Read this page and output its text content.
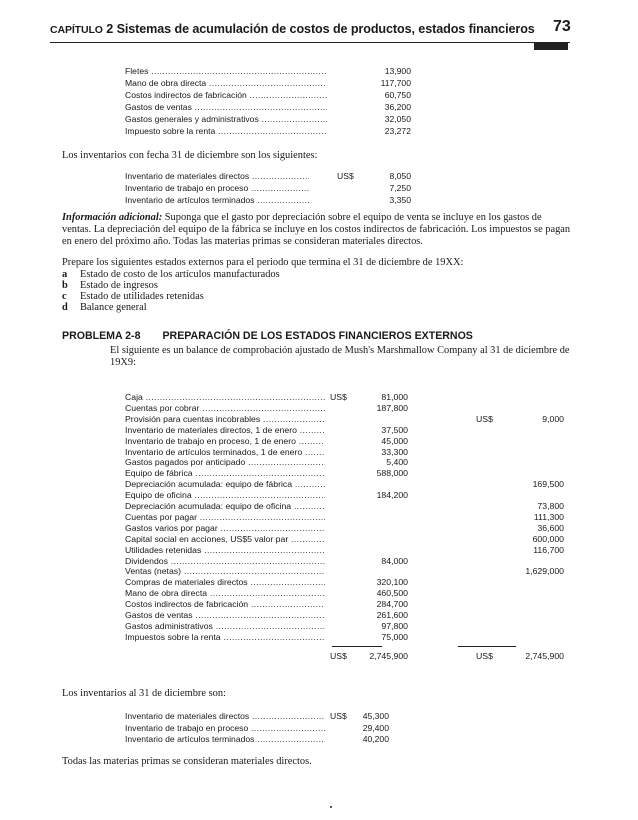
CAPÍTULO 2 Sistemas de acumulación de costos de productos, estados financieros 73
Fletes .....	13,900
Mano de obra directa .....	117,700
Costos indirectos de fabricación .....	60,750
Gastos de ventas .....	36,200
Gastos generales y administrativos .....	32,050
Impuesto sobre la renta .....	23,272
Los inventarios con fecha 31 de diciembre son los siguientes:
Inventario de materiales directos .....	US$	8,050
Inventario de trabajo en proceso .....	7,250
Inventario de artículos terminados .....	3,350
Información adicional: Suponga que el gasto por depreciación sobre el equipo de venta se incluye en los gastos de ventas. La depreciación del equipo de la fábrica se incluye en los costos indirectos de fabricación. Los impuestos se pagan en enero del próximo año. Todas las materias primas se consideran materiales directos.
Prepare los siguientes estados externos para el periodo que termina el 31 de diciembre de 19XX:
a Estado de costo de los artículos manufacturados
b Estado de ingresos
c Estado de utilidades retenidas
d Balance general
PROBLEMA 2-8 PREPARACIÓN DE LOS ESTADOS FINANCIEROS EXTERNOS
El siguiente es un balance de comprobación ajustado de Mush's Marshmallow Company al 31 de diciembre de 19X9:
Caja .....	US$	81,000
Cuentas por cobrar .....	187,800
Provisión para cuentas incobrables .....	US$	9,000
Inventario de materiales directos, 1 de enero .....	37,500
Inventario de trabajo en proceso, 1 de enero .....	45,000
Inventario de artículos terminados, 1 de enero .....	33,300
Gastos pagados por anticipado .....	5,400
Equipo de fábrica .....	588,000
Depreciación acumulada: equipo de fábrica .....	169,500
Equipo de oficina .....	184,200
Depreciación acumulada: equipo de oficina .....	73,800
Cuentas por pagar .....	111,300
Gastos varios por pagar .....	36,600
Capital social en acciones, US$5 valor par .....	600,000
Utilidades retenidas .....	116,700
Dividendos .....	84,000
Ventas (netas) .....	1,629,000
Compras de materiales directos .....	320,100
Mano de obra directa .....	460,500
Costos indirectos de fabricación .....	284,700
Gastos de ventas .....	261,600
Gastos administrativos .....	97,800
Impuestos sobre la renta .....	75,000
US$	2,745,900	US$	2,745,900
Los inventarios al 31 de diciembre son:
Inventario de materiales directos .....	US$	45,300
Inventario de trabajo en proceso .....	29,400
Inventario de artículos terminados .....	40,200
Todas las materias primas se consideran materiales directos.
